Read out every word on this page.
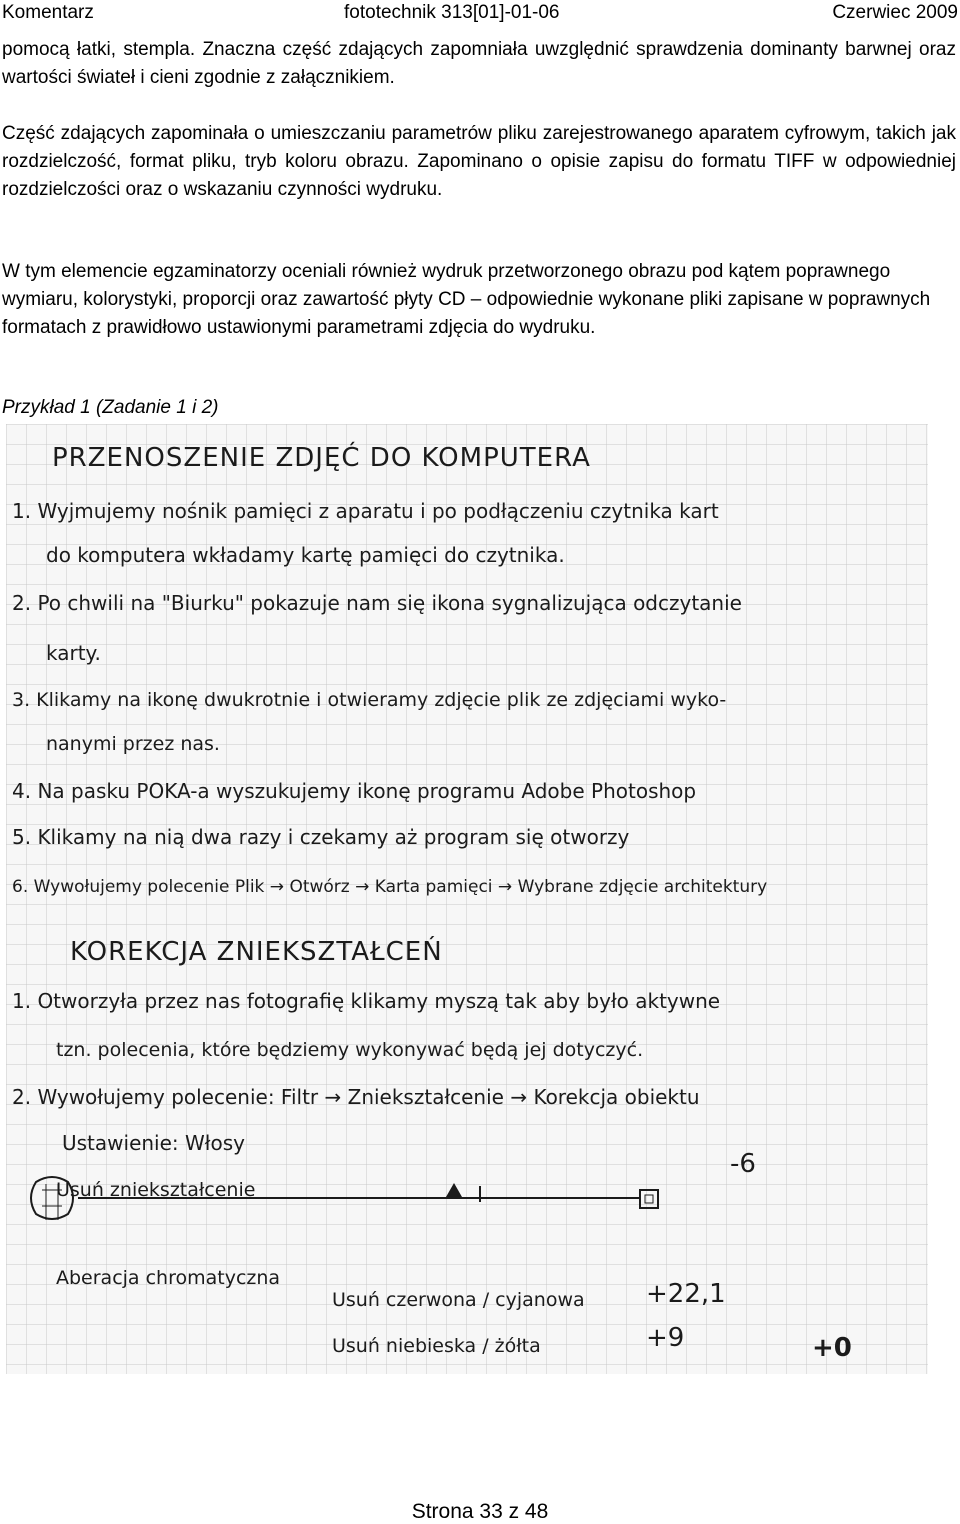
Komentarz	fototechnik 313[01]-01-06	Czerwiec 2009

pomocą łatki, stempla. Znaczna część zdających zapomniała uwzględnić sprawdzenia dominanty barwnej oraz wartości świateł i cieni zgodnie z załącznikiem.

Część zdających zapominała o umieszczaniu parametrów pliku zarejestrowanego aparatem cyfrowym, takich jak rozdzielczość, format pliku, tryb koloru obrazu. Zapominano o opisie zapisu do formatu TIFF w odpowiedniej rozdzielczości oraz o wskazaniu czynności wydruku.

W tym elemencie egzaminatorzy oceniali również wydruk przetworzonego obrazu pod kątem poprawnego wymiaru, kolorystyki, proporcji oraz zawartość płyty CD – odpowiednie wykonane pliki zapisane w poprawnych formatach z prawidłowo ustawionymi parametrami zdjęcia do wydruku.

Przykład 1 (Zadanie 1 i 2)
PRZENOSZENIE ZDJĘĆ DO KOMPUTERA
1. Wyjmujemy nośnik pamięci z aparatu i po podłączeniu czytnika kart
do komputera wkładamy kartę pamięci do czytnika.
2. Po chwili na "Biurku" pokazuje nam się ikona sygnalizująca odczytanie
karty.
3. Klikamy na ikonę dwukrotnie i otwieramy zdjęcie plik ze zdjęciami wyko-
nanymi przez nas.
4. Na pasku POKA-a wyszukujemy ikonę programu Adobe Photoshop
5. Klikamy na nią dwa razy i czekamy aż program się otworzy
6. Wywołujemy polecenie Plik → Otwórz → Karta pamięci → Wybrane zdjęcie architektury
KOREKCJA ZNIEKSZTAŁCEŃ
1. Otworzyła przez nas fotografię klikamy myszą tak aby było aktywne
tzn. polecenia, które będziemy wykonywać będą jej dotyczyć.
2. Wywołujemy polecenie: Filtr → Zniekształcenie → Korekcja obiektu
Ustawienie: Włosy
Usuń zniekształcenie
-6
Aberacja chromatyczna
Usuń czerwona / cyjanowa +22,1
Usuń niebieska / żółta	+9	+0
Strona 33 z 48
